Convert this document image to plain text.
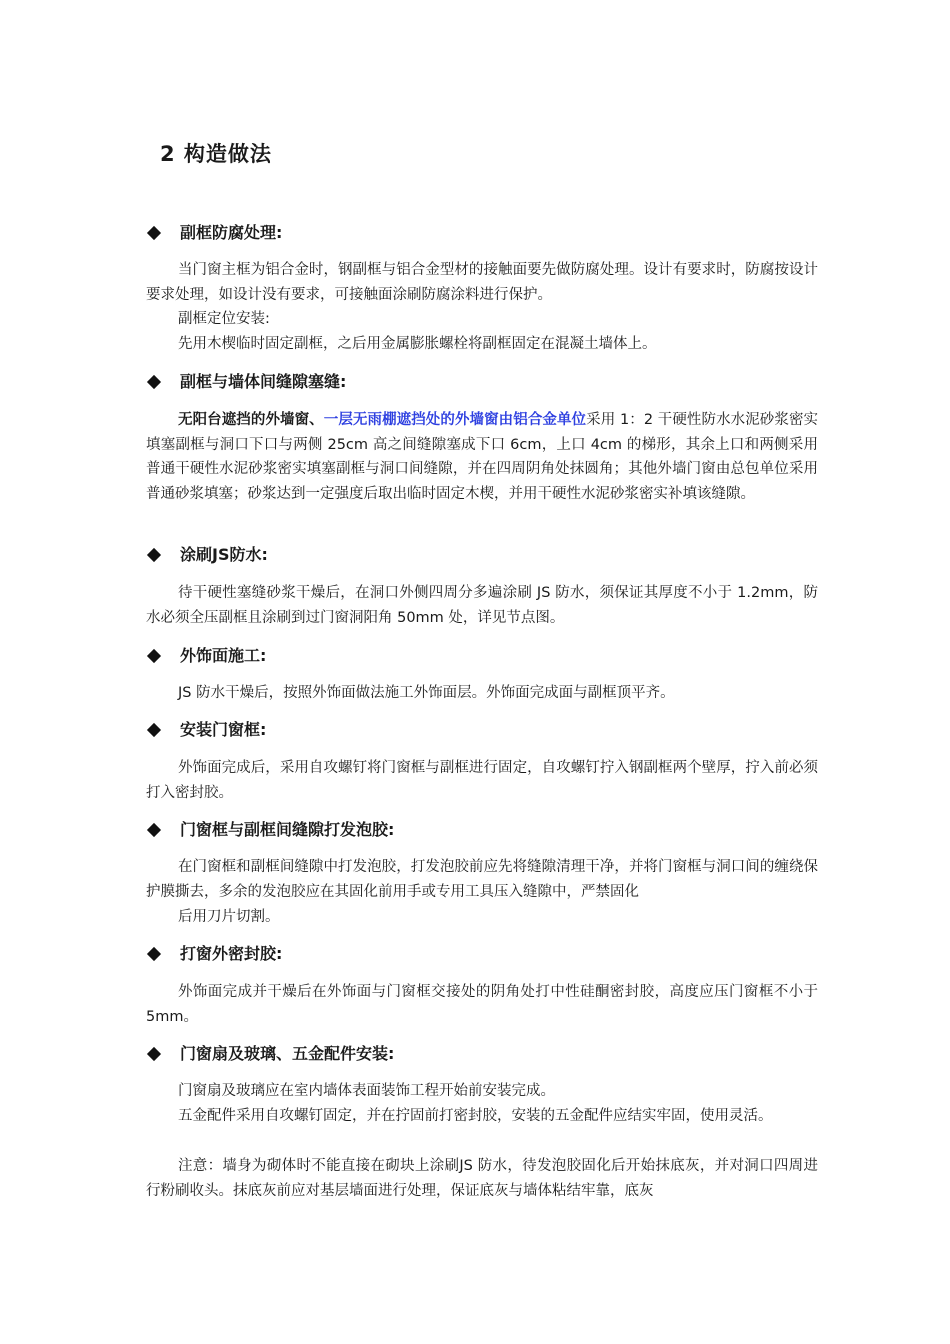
2 构造做法
副框防腐处理:
当门窗主框为铝合金时，钢副框与铝合金型材的接触面要先做防腐处理。设计有要求时，防腐按设计要求处理，如设计没有要求，可接触面涂刷防腐涂料进行保护。
副框定位安装:
先用木楔临时固定副框，之后用金属膨胀螺栓将副框固定在混凝土墙体上。
副框与墙体间缝隙塞缝:
无阳台遮挡的外墙窗、一层无雨棚遮挡处的外墙窗由铝合金单位采用 1：2 干硬性防水水泥砂浆密实填塞副框与洞口下口与两侧 25cm 高之间缝隙塞成下口 6cm，上口 4cm 的梯形，其余上口和两侧采用普通干硬性水泥砂浆密实填塞副框与洞口间缝隙，并在四周阴角处抹圆角；其他外墙门窗由总包单位采用普通砂浆填塞；砂浆达到一定强度后取出临时固定木楔，并用干硬性水泥砂浆密实补填该缝隙。
涂刷JS防水:
待干硬性塞缝砂浆干燥后，在洞口外侧四周分多遍涂刷 JS 防水，须保证其厚度不小于 1.2mm，防水必须全压副框且涂刷到过门窗洞阳角 50mm 处，详见节点图。
外饰面施工:
JS 防水干燥后，按照外饰面做法施工外饰面层。外饰面完成面与副框顶平齐。
安装门窗框:
外饰面完成后，采用自攻螺钉将门窗框与副框进行固定，自攻螺钉拧入钢副框两个壁厚，拧入前必须打入密封胶。
门窗框与副框间缝隙打发泡胶:
在门窗框和副框间缝隙中打发泡胶，打发泡胶前应先将缝隙清理干净，并将门窗框与洞口间的缠绕保护膜撕去，多余的发泡胶应在其固化前用手或专用工具压入缝隙中，严禁固化
后用刀片切割。
打窗外密封胶:
外饰面完成并干燥后在外饰面与门窗框交接处的阴角处打中性硅酮密封胶，高度应压门窗框不小于 5mm。
门窗扇及玻璃、五金配件安装:
门窗扇及玻璃应在室内墙体表面装饰工程开始前安装完成。
五金配件采用自攻螺钉固定，并在拧固前打密封胶，安装的五金配件应结实牢固，使用灵活。
注意：墙身为砌体时不能直接在砌块上涂刷JS 防水，待发泡胶固化后开始抹底灰，并对洞口四周进行粉刷收头。抹底灰前应对基层墙面进行处理，保证底灰与墙体粘结牢靠，底灰
